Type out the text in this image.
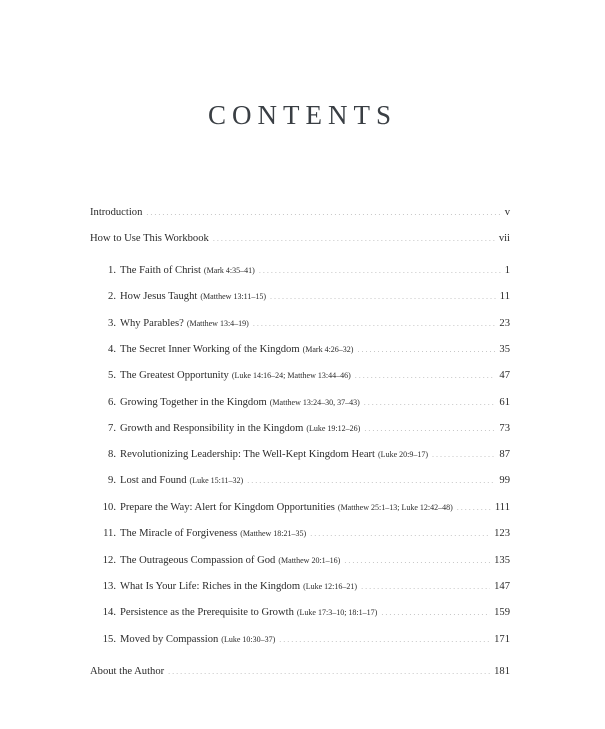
CONTENTS
Introduction .....	v
How to Use This Workbook .....	vii
1. The Faith of Christ (Mark 4:35–41) .....	1
2. How Jesus Taught (Matthew 13:11–15) .....	11
3. Why Parables? (Matthew 13:4–19) .....	23
4. The Secret Inner Working of the Kingdom (Mark 4:26–32) .....	35
5. The Greatest Opportunity (Luke 14:16–24; Matthew 13:44–46) .....	47
6. Growing Together in the Kingdom (Matthew 13:24–30, 37–43) .....	61
7. Growth and Responsibility in the Kingdom (Luke 19:12–26) .....	73
8. Revolutionizing Leadership: The Well-Kept Kingdom Heart (Luke 20:9–17) .....	87
9. Lost and Found (Luke 15:11–32) .....	99
10. Prepare the Way: Alert for Kingdom Opportunities (Matthew 25:1–13; Luke 12:42–48) .....	111
11. The Miracle of Forgiveness (Matthew 18:21–35) .....	123
12. The Outrageous Compassion of God (Matthew 20:1–16) .....	135
13. What Is Your Life: Riches in the Kingdom (Luke 12:16–21) .....	147
14. Persistence as the Prerequisite to Growth (Luke 17:3–10; 18:1–17) .....	159
15. Moved by Compassion (Luke 10:30–37) .....	171
About the Author .....	181
